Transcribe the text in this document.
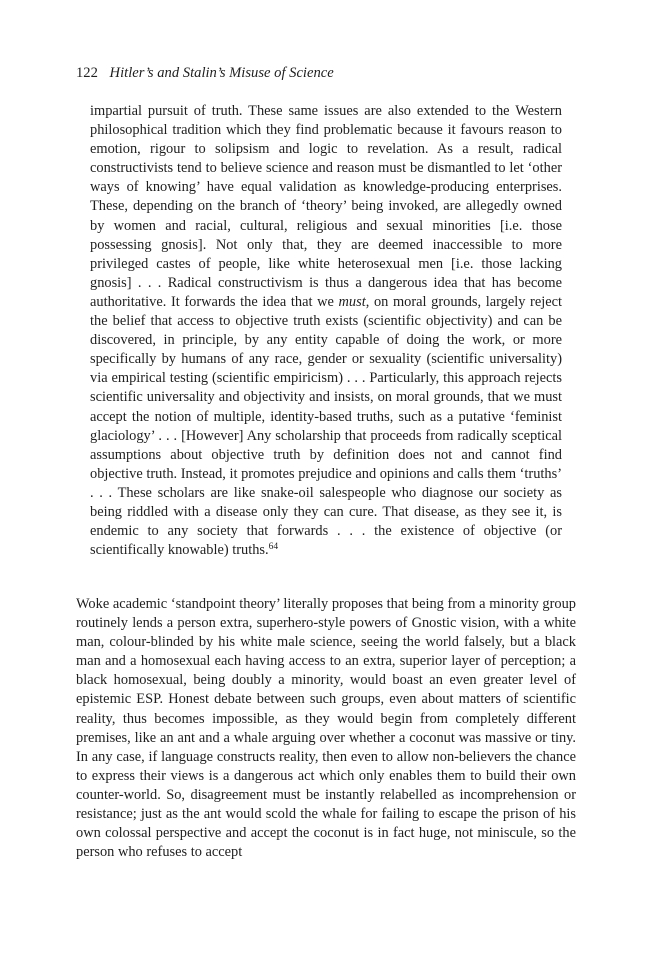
122 Hitler’s and Stalin’s Misuse of Science

impartial pursuit of truth. These same issues are also extended to the Western philosophical tradition which they find problematic because it favours reason to emotion, rigour to solipsism and logic to revelation. As a result, radical constructivists tend to believe science and reason must be dismantled to let ‘other ways of knowing’ have equal validation as knowledge-producing enterprises. These, depending on the branch of ‘theory’ being invoked, are allegedly owned by women and racial, cultural, religious and sexual minorities [i.e. those possessing gnosis]. Not only that, they are deemed inaccessible to more privileged castes of people, like white heterosexual men [i.e. those lacking gnosis] . . . Radical constructivism is thus a dangerous idea that has become authoritative. It forwards the idea that we must, on moral grounds, largely reject the belief that access to objective truth exists (scientific objectivity) and can be discovered, in principle, by any entity capable of doing the work, or more specifically by humans of any race, gender or sexuality (scientific universality) via empirical testing (scientific empiricism) . . . Particularly, this approach rejects scientific universality and objectivity and insists, on moral grounds, that we must accept the notion of multiple, identity-based truths, such as a putative ‘feminist glaciology’ . . . [However] Any scholarship that proceeds from radically sceptical assumptions about objective truth by definition does not and cannot find objective truth. Instead, it promotes prejudice and opinions and calls them ‘truths’ . . . These scholars are like snake-oil salespeople who diagnose our society as being riddled with a disease only they can cure. That disease, as they see it, is endemic to any society that forwards . . . the existence of objective (or scientifically knowable) truths.$^{64}$

Woke academic ‘standpoint theory’ literally proposes that being from a minority group routinely lends a person extra, superhero-style powers of Gnostic vision, with a white man, colour-blinded by his white male science, seeing the world falsely, but a black man and a homosexual each having access to an extra, superior layer of perception; a black homosexual, being doubly a minority, would boast an even greater level of epistemic ESP. Honest debate between such groups, even about matters of scientific reality, thus becomes impossible, as they would begin from completely different premises, like an ant and a whale arguing over whether a coconut was massive or tiny. In any case, if language constructs reality, then even to allow non-believers the chance to express their views is a dangerous act which only enables them to build their own counter-world. So, disagreement must be instantly relabelled as incomprehension or resistance; just as the ant would scold the whale for failing to escape the prison of his own colossal perspective and accept the coconut is in fact huge, not miniscule, so the person who refuses to accept
